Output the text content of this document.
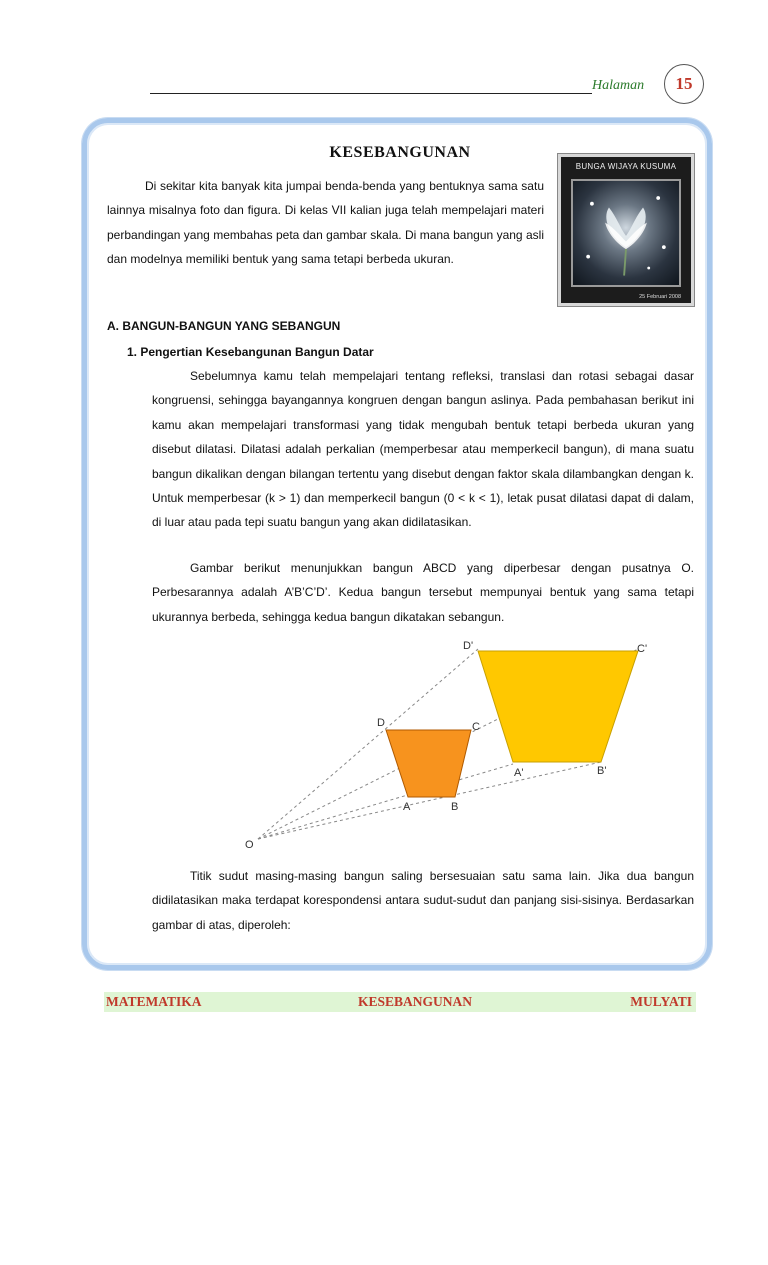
Halaman	15
KESEBANGUNAN

Di sekitar kita banyak kita jumpai benda-benda yang bentuknya sama satu lainnya misalnya foto dan figura. Di kelas VII kalian juga telah mempelajari materi perbandingan yang membahas peta dan gambar skala. Di mana bangun yang asli dan modelnya memiliki bentuk yang sama tetapi berbeda ukuran.

BUNGA WIJAYA KUSUMA
25 Februari 2008
A. BANGUN-BANGUN YANG SEBANGUN
1. Pengertian Kesebangunan Bangun Datar

Sebelumnya kamu telah mempelajari tentang refleksi, translasi dan rotasi sebagai dasar kongruensi, sehingga bayangannya kongruen dengan bangun aslinya. Pada pembahasan berikut ini kamu akan mempelajari transformasi yang tidak mengubah bentuk tetapi berbeda ukuran yang disebut dilatasi. Dilatasi adalah perkalian (memperbesar atau memperkecil bangun), di mana suatu bangun dikalikan dengan bilangan tertentu yang disebut dengan faktor skala dilambangkan dengan k. Untuk memperbesar (k > 1) dan memperkecil bangun (0 < k < 1), letak pusat dilatasi dapat di dalam, di luar atau pada tepi suatu bangun yang akan didilatasikan.

Gambar berikut menunjukkan bangun ABCD yang diperbesar dengan pusatnya O. Perbesarannya adalah A’B’C’D’. Kedua bangun tersebut mempunyai bentuk yang sama tetapi ukurannya berbeda, sehingga kedua bangun dikatakan sebangun.

O
A	B
C
D
A'	B'
C'
D'

Titik sudut masing-masing bangun saling bersesuaian satu sama lain. Jika dua bangun didilatasikan maka terdapat korespondensi antara sudut-sudut dan panjang sisi-sisinya. Berdasarkan gambar di atas, diperoleh:

MATEMATIKA	KESEBANGUNAN	MULYATI
